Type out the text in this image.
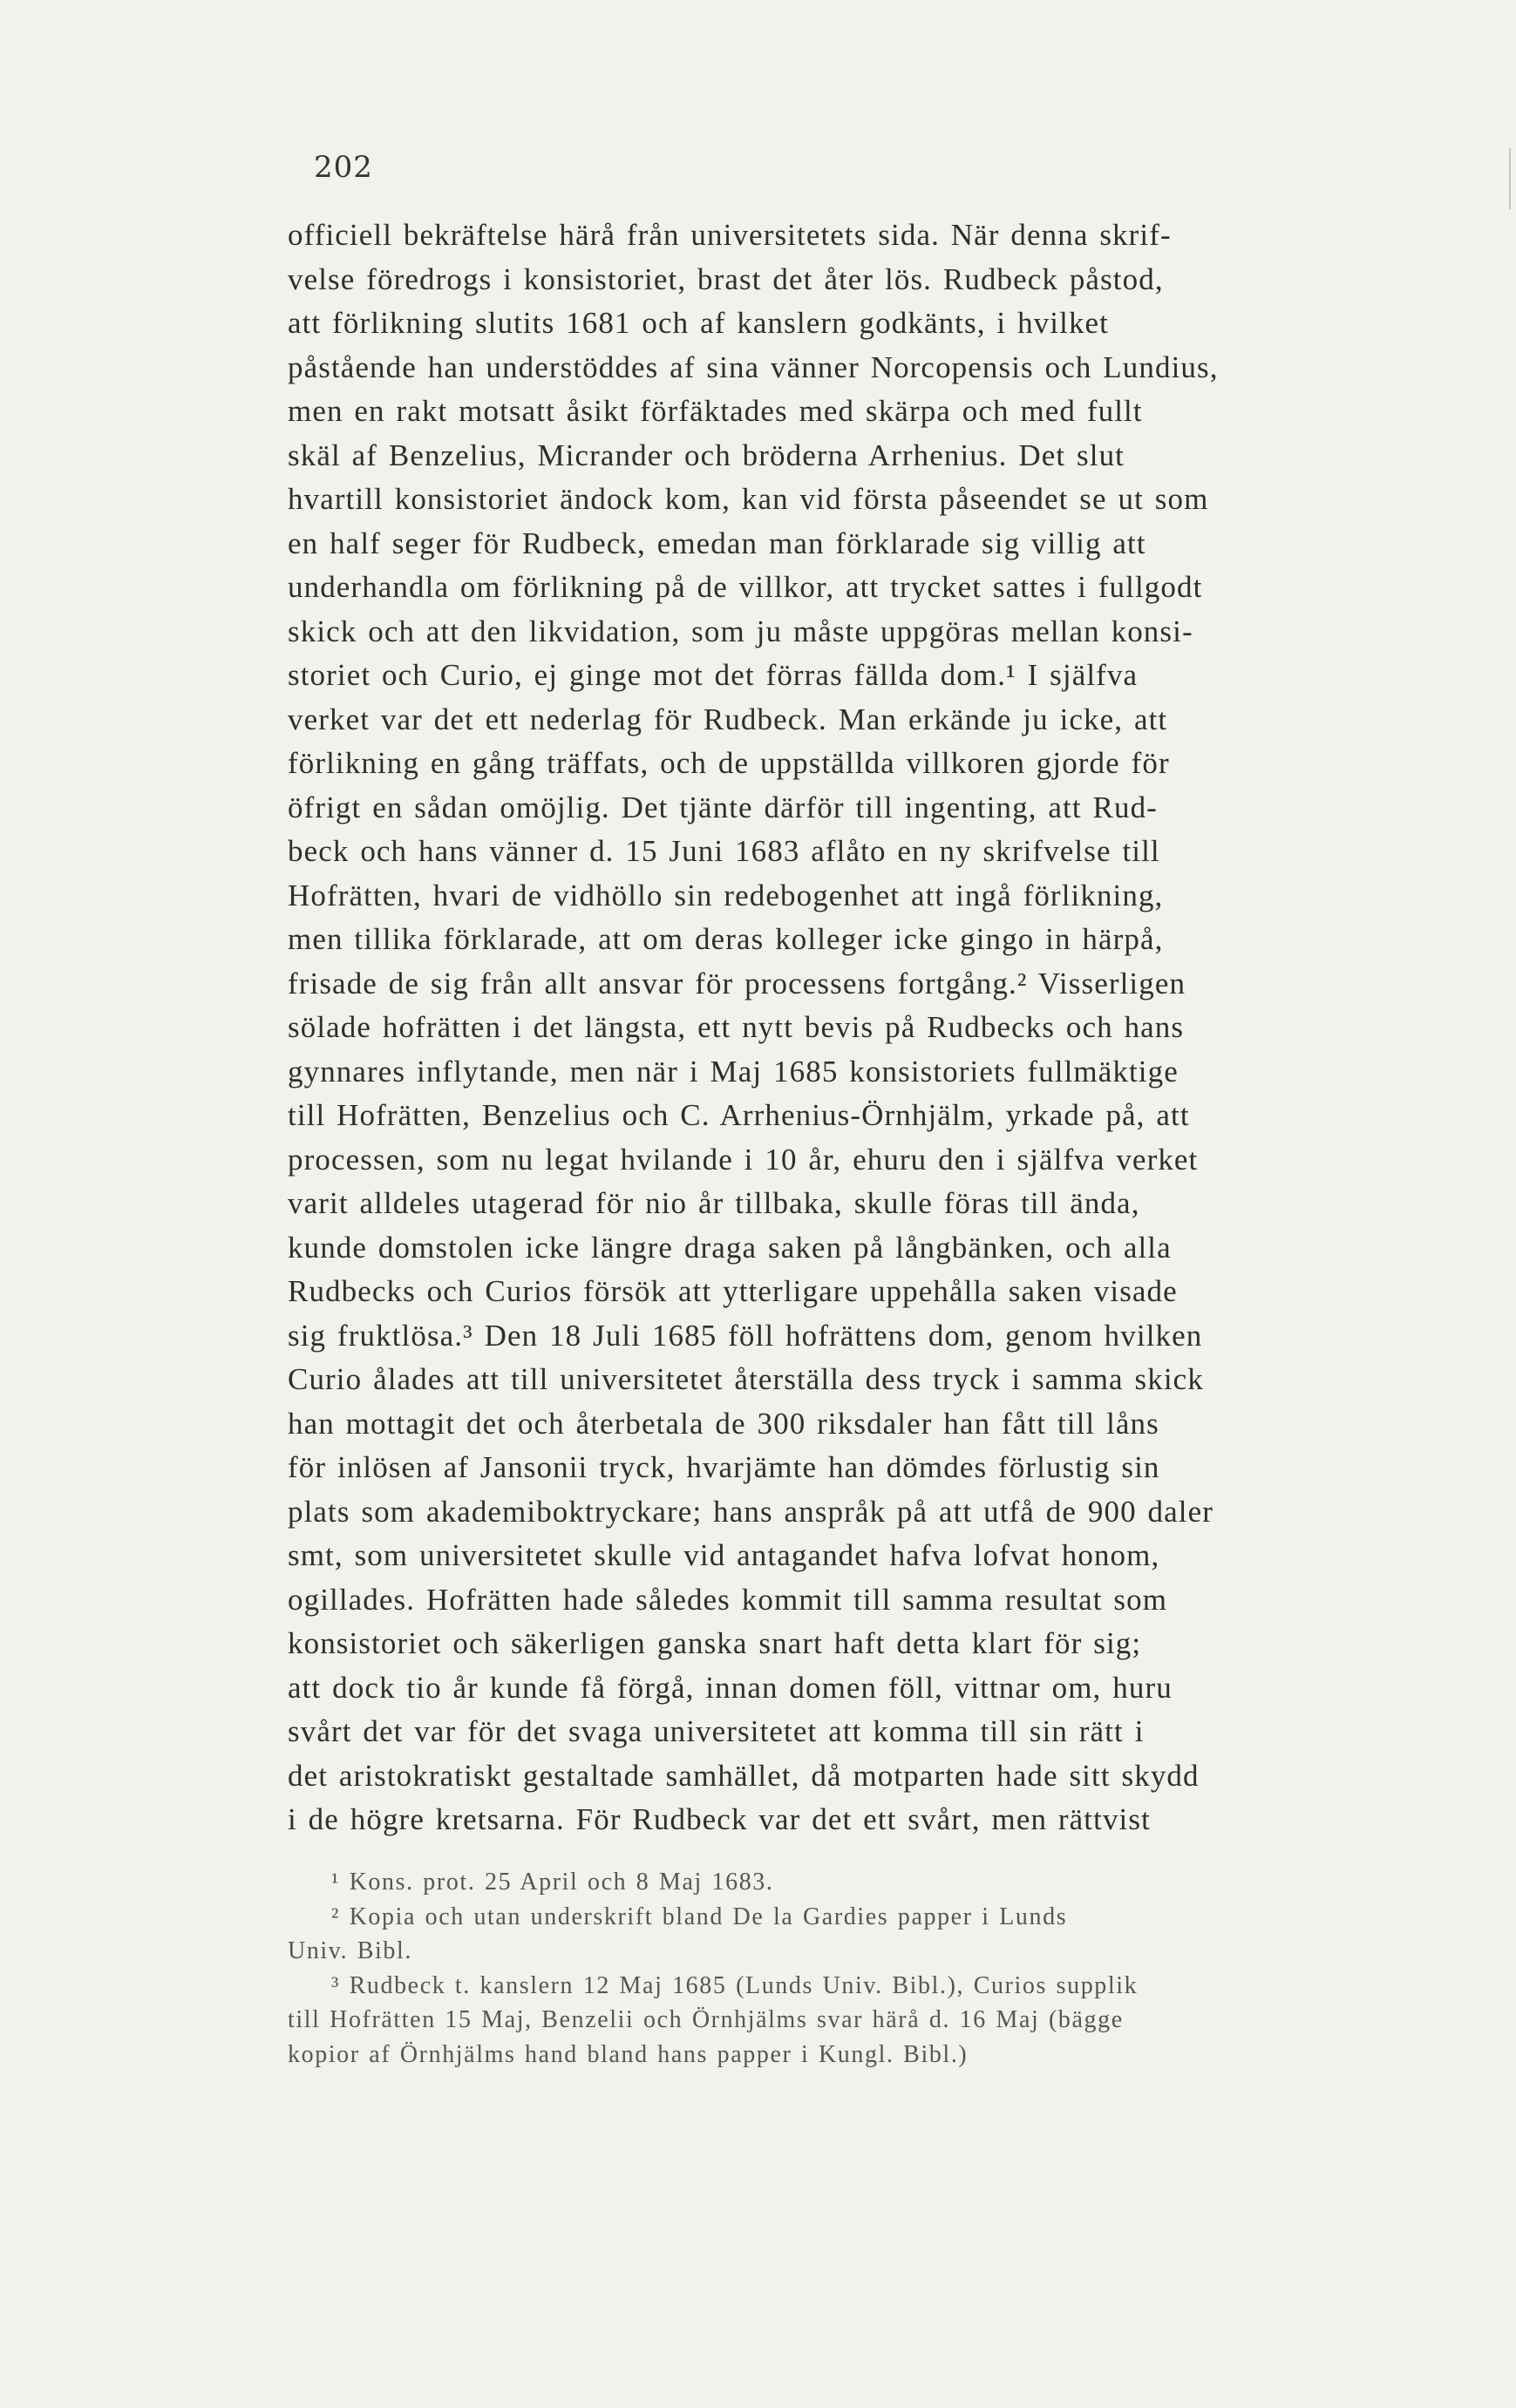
202
officiell bekräftelse härå från universitetets sida. När denna skrif-
velse föredrogs i konsistoriet, brast det åter lös. Rudbeck påstod,
att förlikning slutits 1681 och af kanslern godkänts, i hvilket
påstående han understöddes af sina vänner Norcopensis och Lundius,
men en rakt motsatt åsikt förfäktades med skärpa och med fullt
skäl af Benzelius, Micrander och bröderna Arrhenius. Det slut
hvartill konsistoriet ändock kom, kan vid första påseendet se ut som
en half seger för Rudbeck, emedan man förklarade sig villig att
underhandla om förlikning på de villkor, att trycket sattes i fullgodt
skick och att den likvidation, som ju måste uppgöras mellan konsi-
storiet och Curio, ej ginge mot det förras fällda dom.¹ I själfva
verket var det ett nederlag för Rudbeck. Man erkände ju icke, att
förlikning en gång träffats, och de uppställda villkoren gjorde för
öfrigt en sådan omöjlig. Det tjänte därför till ingenting, att Rud-
beck och hans vänner d. 15 Juni 1683 aflåto en ny skrifvelse till
Hofrätten, hvari de vidhöllo sin redebogenhet att ingå förlikning,
men tillika förklarade, att om deras kolleger icke gingo in härpå,
frisade de sig från allt ansvar för processens fortgång.² Visserligen
sölade hofrätten i det längsta, ett nytt bevis på Rudbecks och hans
gynnares inflytande, men när i Maj 1685 konsistoriets fullmäktige
till Hofrätten, Benzelius och C. Arrhenius-Örnhjälm, yrkade på, att
processen, som nu legat hvilande i 10 år, ehuru den i själfva verket
varit alldeles utagerad för nio år tillbaka, skulle föras till ända,
kunde domstolen icke längre draga saken på långbänken, och alla
Rudbecks och Curios försök att ytterligare uppehålla saken visade
sig fruktlösa.³ Den 18 Juli 1685 föll hofrättens dom, genom hvilken
Curio ålades att till universitetet återställa dess tryck i samma skick
han mottagit det och återbetala de 300 riksdaler han fått till låns
för inlösen af Jansonii tryck, hvarjämte han dömdes förlustig sin
plats som akademiboktryckare; hans anspråk på att utfå de 900 daler
smt, som universitetet skulle vid antagandet hafva lofvat honom,
ogillades. Hofrätten hade således kommit till samma resultat som
konsistoriet och säkerligen ganska snart haft detta klart för sig;
att dock tio år kunde få förgå, innan domen föll, vittnar om, huru
svårt det var för det svaga universitetet att komma till sin rätt i
det aristokratiskt gestaltade samhället, då motparten hade sitt skydd
i de högre kretsarna. För Rudbeck var det ett svårt, men rättvist
¹ Kons. prot. 25 April och 8 Maj 1683.
² Kopia och utan underskrift bland De la Gardies papper i Lunds
Univ. Bibl.
³ Rudbeck t. kanslern 12 Maj 1685 (Lunds Univ. Bibl.), Curios supplik
till Hofrätten 15 Maj, Benzelii och Örnhjälms svar härå d. 16 Maj (bägge
kopior af Örnhjälms hand bland hans papper i Kungl. Bibl.)
